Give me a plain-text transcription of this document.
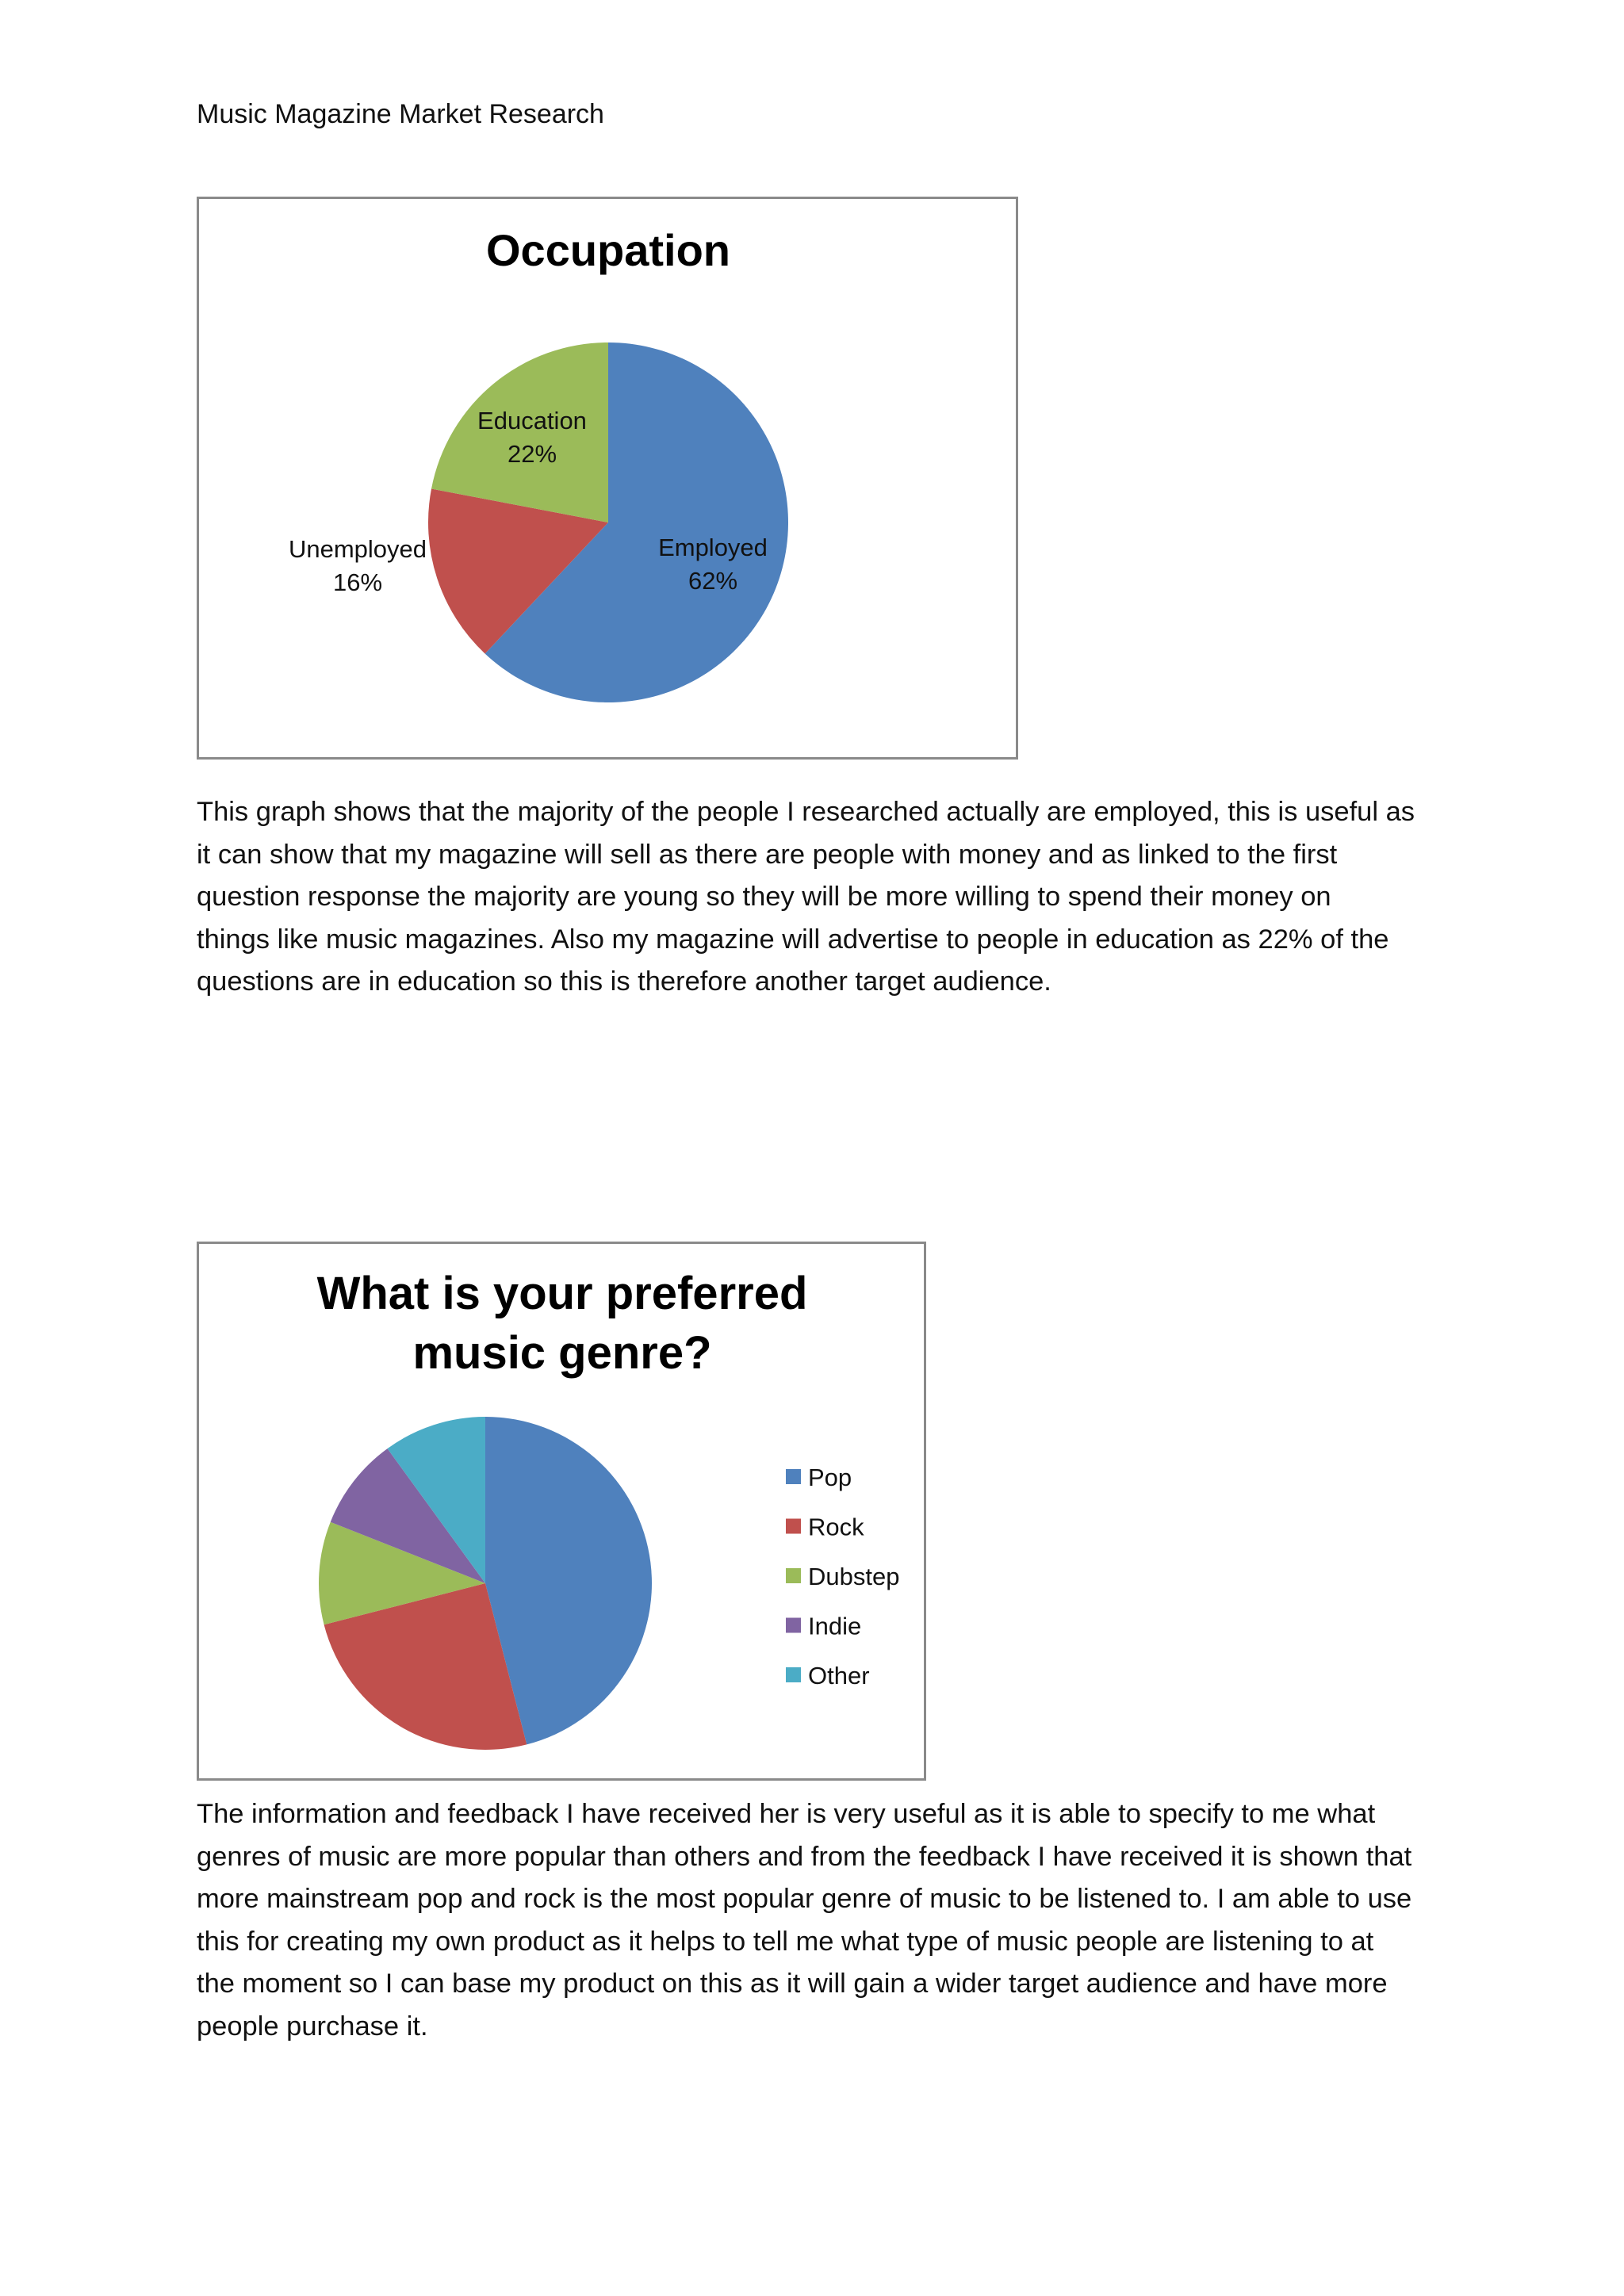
Music Magazine Market Research
Occupation
Employed 62%
Unemployed 16%
Education 22%
This graph shows that the majority of the people I researched actually are employed, this is useful as
it can show that my magazine will sell as there are people with money and as linked to the first
question response the majority are young so they will be more willing to spend their money on
things like music magazines. Also my magazine will advertise to people in education as 22% of the
questions are in education so this is therefore another target audience.
What is your preferred
music genre?
Pop
Rock
Dubstep
Indie
Other
The information and feedback I have received her is very useful as it is able to specify to me what
genres of music are more popular than others and from the feedback I have received it is shown that
more mainstream pop and rock is the most popular genre of music to be listened to. I am able to use
this for creating my own product as it helps to tell me what type of music people are listening to at
the moment so I can base my product on this as it will gain a wider target audience and have more
people purchase it.
